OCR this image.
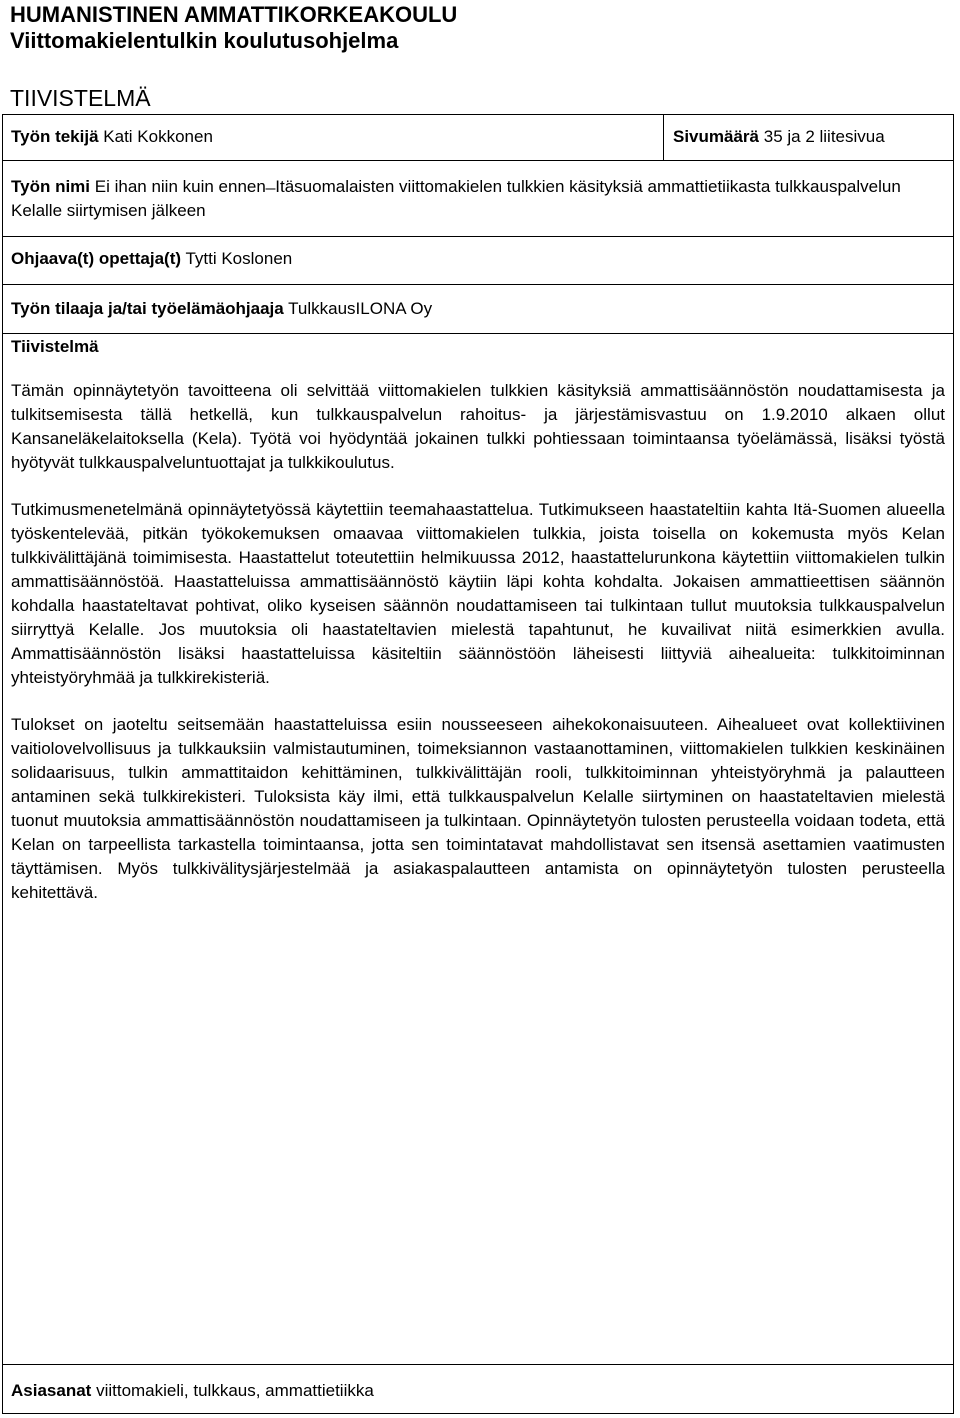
HUMANISTINEN AMMATTIKORKEAKOULU
Viittomakielentulkin koulutusohjelma
TIIVISTELMÄ
Työn tekijä Kati Kokkonen	Sivumäärä 35 ja 2 liitesivua
Työn nimi Ei ihan niin kuin ennen ̶ Itäsuomalaisten viittomakielen tulkkien käsityksiä ammattietiikasta tulkkauspalvelun Kelalle siirtymisen jälkeen
Ohjaava(t) opettaja(t) Tytti Koslonen
Työn tilaaja ja/tai työelämäohjaaja TulkkausILONA Oy
Tiivistelmä

Tämän opinnäytetyön tavoitteena oli selvittää viittomakielen tulkkien käsityksiä ammattisäännöstön noudattamisesta ja tulkitsemisesta tällä hetkellä, kun tulkkauspalvelun rahoitus- ja järjestämisvastuu on 1.9.2010 alkaen ollut Kansaneläkelaitoksella (Kela). Työtä voi hyödyntää jokainen tulkki pohtiessaan toimintaansa työelämässä, lisäksi työstä hyötyvät tulkkauspalveluntuottajat ja tulkkikoulutus.

Tutkimusmenetelmänä opinnäytetyössä käytettiin teemahaastattelua. Tutkimukseen haastateltiin kahta Itä-Suomen alueella työskentelevää, pitkän työkokemuksen omaavaa viittomakielen tulkkia, joista toisella on kokemusta myös Kelan tulkkivälittäjänä toimimisesta. Haastattelut toteutettiin helmikuussa 2012, haastattelurunkona käytettiin viittomakielen tulkin ammattisäännöstöä. Haastatteluissa ammattisäännöstö käytiin läpi kohta kohdalta. Jokaisen ammattieettisen säännön kohdalla haastateltavat pohtivat, oliko kyseisen säännön noudattamiseen tai tulkintaan tullut muutoksia tulkkauspalvelun siirryttyä Kelalle. Jos muutoksia oli haastateltavien mielestä tapahtunut, he kuvailivat niitä esimerkkien avulla. Ammattisäännöstön lisäksi haastatteluissa käsiteltiin säännöstöön läheisesti liittyviä aihealueita: tulkkitoiminnan yhteistyöryhmää ja tulkkirekisteriä.

Tulokset on jaoteltu seitsemään haastatteluissa esiin nousseeseen aihekokonaisuuteen. Aihealueet ovat kollektiivinen vaitiolovelvollisuus ja tulkkauksiin valmistautuminen, toimeksiannon vastaanottaminen, viittomakielen tulkkien keskinäinen solidaarisuus, tulkin ammattitaidon kehittäminen, tulkkivälittäjän rooli, tulkkitoiminnan yhteistyöryhmä ja palautteen antaminen sekä tulkkirekisteri. Tuloksista käy ilmi, että tulkkauspalvelun Kelalle siirtyminen on haastateltavien mielestä tuonut muutoksia ammattisäännöstön noudattamiseen ja tulkintaan. Opinnäytetyön tulosten perusteella voidaan todeta, että Kelan on tarpeellista tarkastella toimintaansa, jotta sen toimintatavat mahdollistavat sen itsensä asettamien vaatimusten täyttämisen. Myös tulkkivälitysjärjestelmää ja asiakaspalautteen antamista on opinnäytetyön tulosten perusteella kehitettävä.

Asiasanat viittomakieli, tulkkaus, ammattietiikka
